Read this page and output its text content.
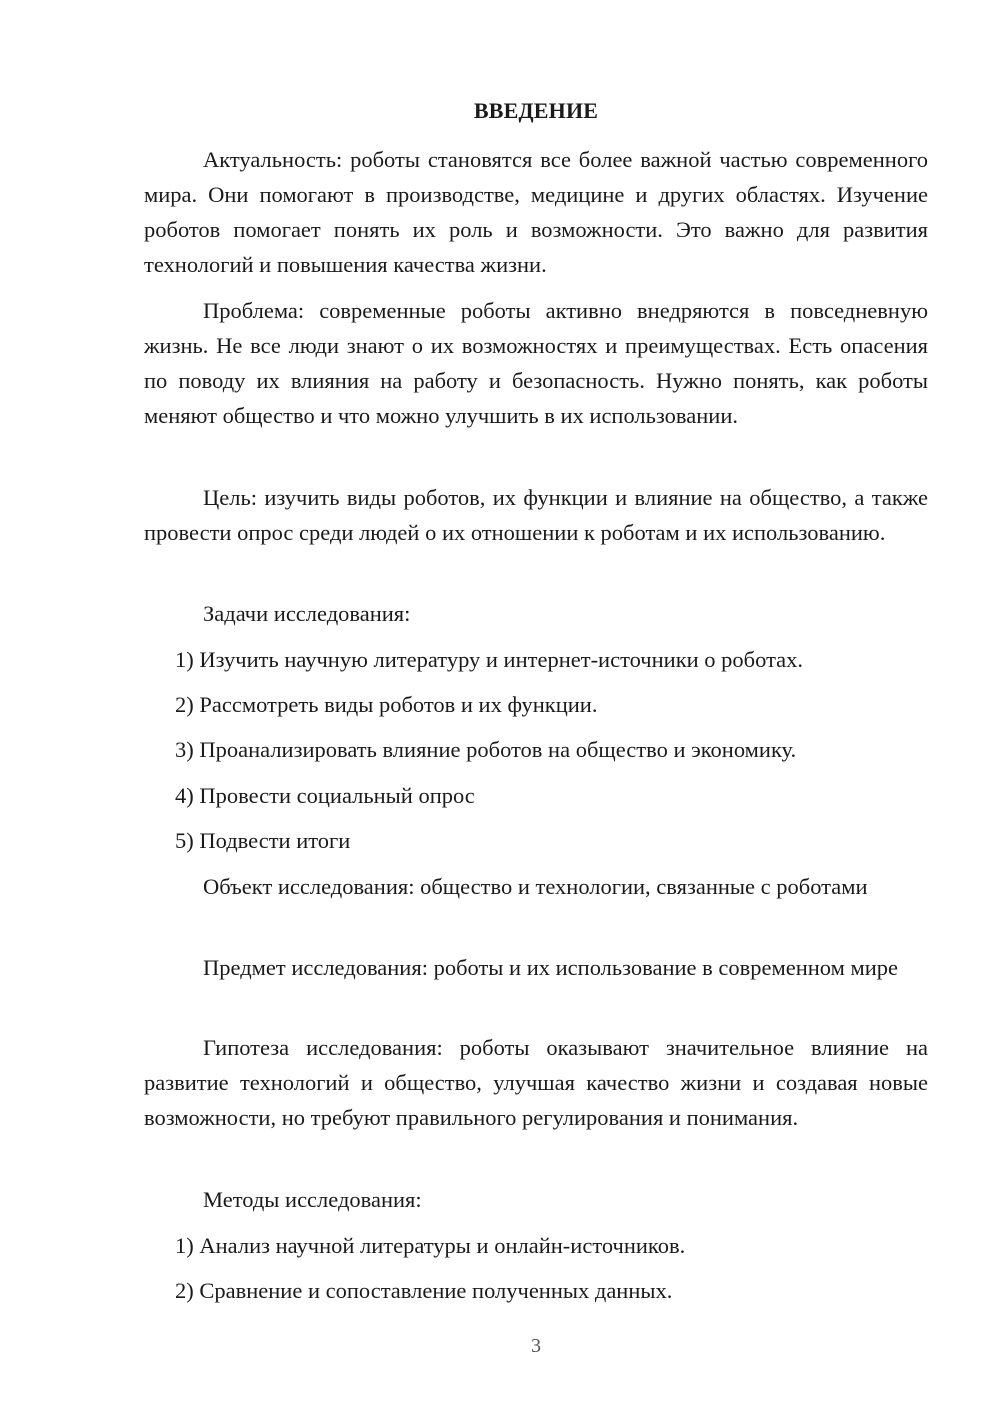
ВВЕДЕНИЕ

Актуальность: роботы становятся все более важной частью современного мира. Они помогают в производстве, медицине и других областях. Изучение роботов помогает понять их роль и возможности. Это важно для развития технологий и повышения качества жизни.

Проблема: современные роботы активно внедряются в повседневную жизнь. Не все люди знают о их возможностях и преимуществах. Есть опасения по поводу их влияния на работу и безопасность. Нужно понять, как роботы меняют общество и что можно улучшить в их использовании.

Цель: изучить виды роботов, их функции и влияние на общество, а также провести опрос среди людей о их отношении к роботам и их использованию.

Задачи исследования:

1) Изучить научную литературу и интернет-источники о роботах.

2) Рассмотреть виды роботов и их функции.

3) Проанализировать влияние роботов на общество и экономику.

4) Провести социальный опрос

5) Подвести итоги

Объект исследования: общество и технологии, связанные с роботами

Предмет исследования: роботы и их использование в современном мире

Гипотеза исследования: роботы оказывают значительное влияние на развитие технологий и общество, улучшая качество жизни и создавая новые возможности, но требуют правильного регулирования и понимания.

Методы исследования:

1) Анализ научной литературы и онлайн-источников.

2) Сравнение и сопоставление полученных данных.

3
